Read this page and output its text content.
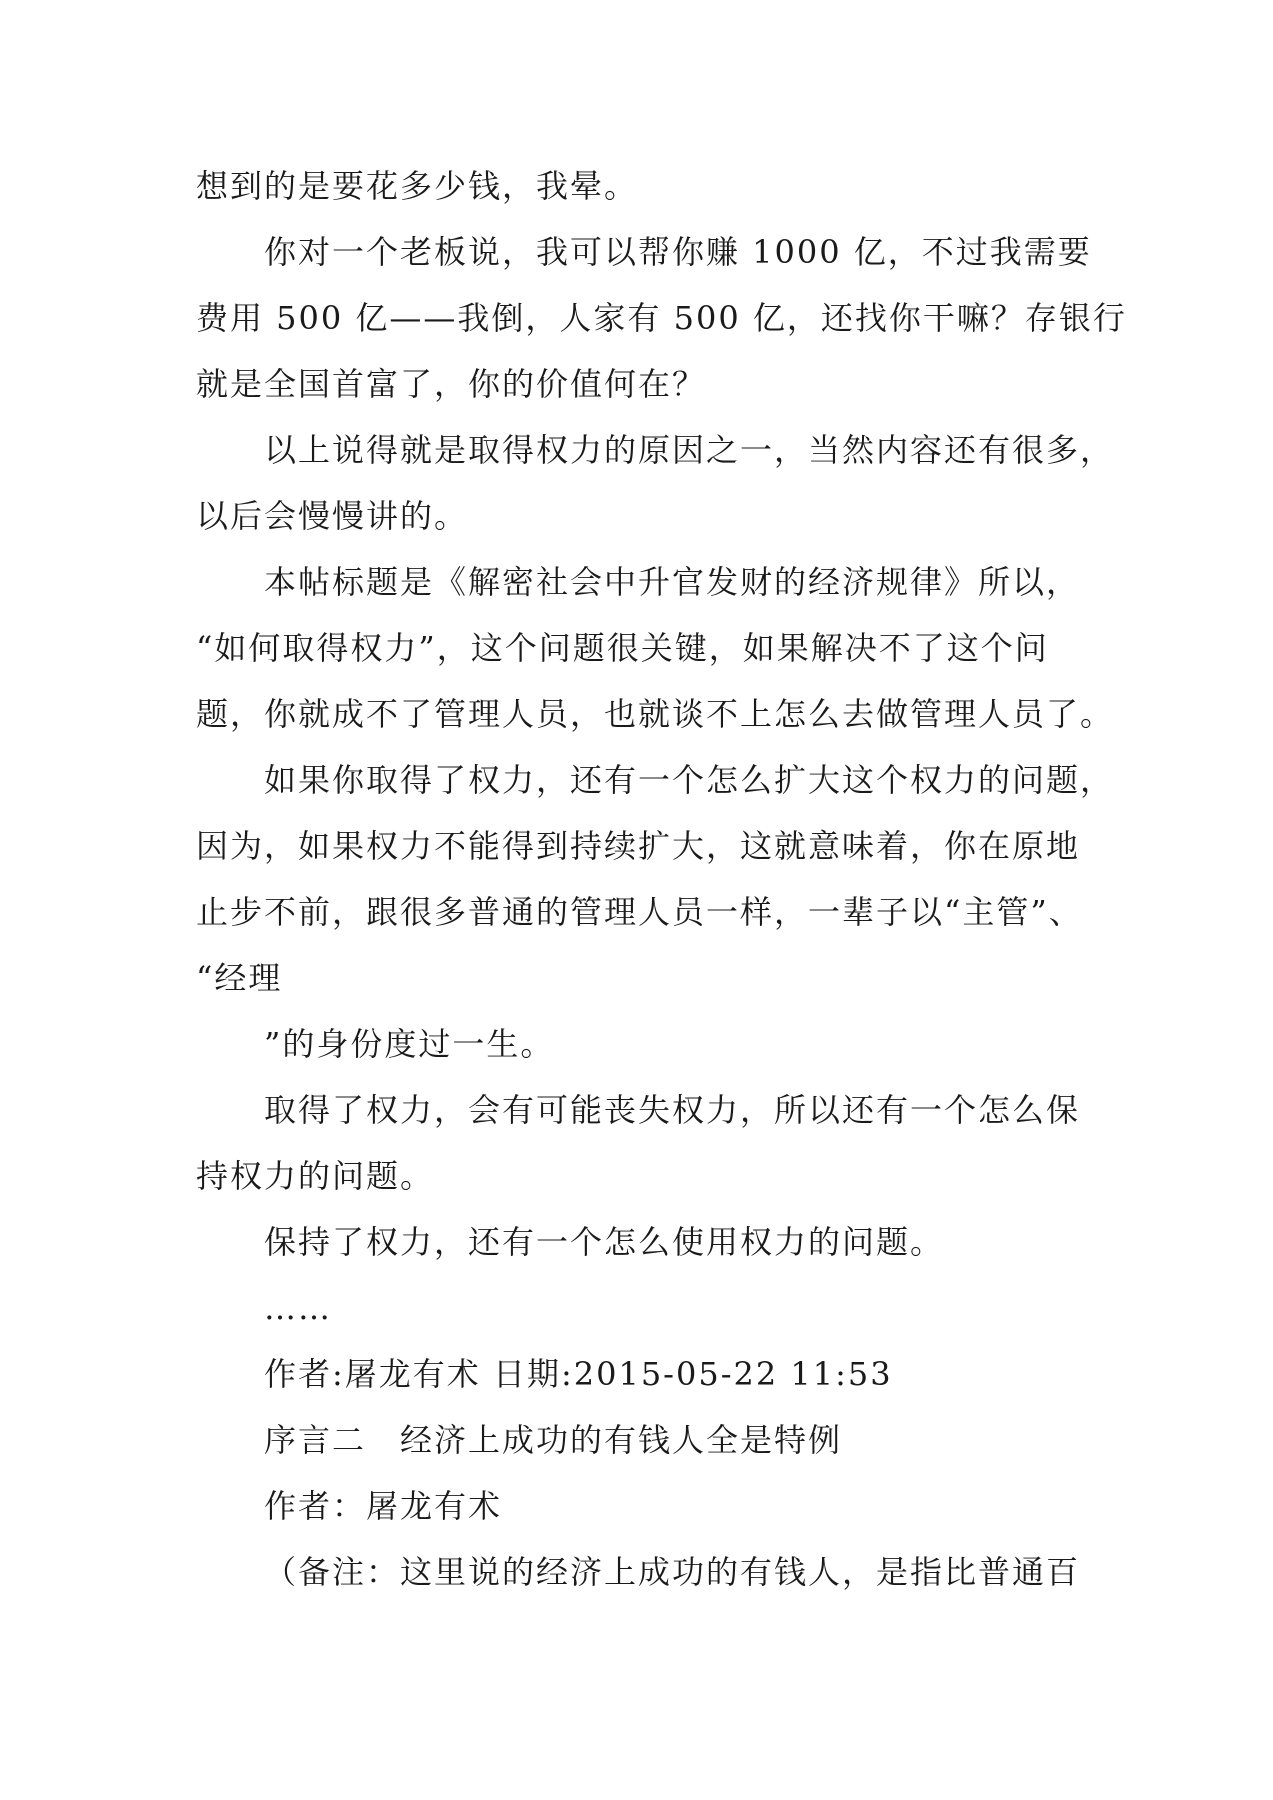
想到的是要花多少钱，我晕。
你对一个老板说，我可以帮你赚 1000 亿，不过我需要
费用 500 亿——我倒，人家有 500 亿，还找你干嘛？存银行
就是全国首富了，你的价值何在？
以上说得就是取得权力的原因之一，当然内容还有很多，
以后会慢慢讲的。
本帖标题是《解密社会中升官发财的经济规律》所以，
“如何取得权力”，这个问题很关键，如果解决不了这个问
题，你就成不了管理人员，也就谈不上怎么去做管理人员了。
如果你取得了权力，还有一个怎么扩大这个权力的问题，
因为，如果权力不能得到持续扩大，这就意味着，你在原地
止步不前，跟很多普通的管理人员一样，一辈子以“主管”、
“经理
”的身份度过一生。
取得了权力，会有可能丧失权力，所以还有一个怎么保
持权力的问题。
保持了权力，还有一个怎么使用权力的问题。
……
作者:屠龙有术 日期:2015-05-22 11:53
序言二　经济上成功的有钱人全是特例
作者：屠龙有术
（备注：这里说的经济上成功的有钱人，是指比普通百
